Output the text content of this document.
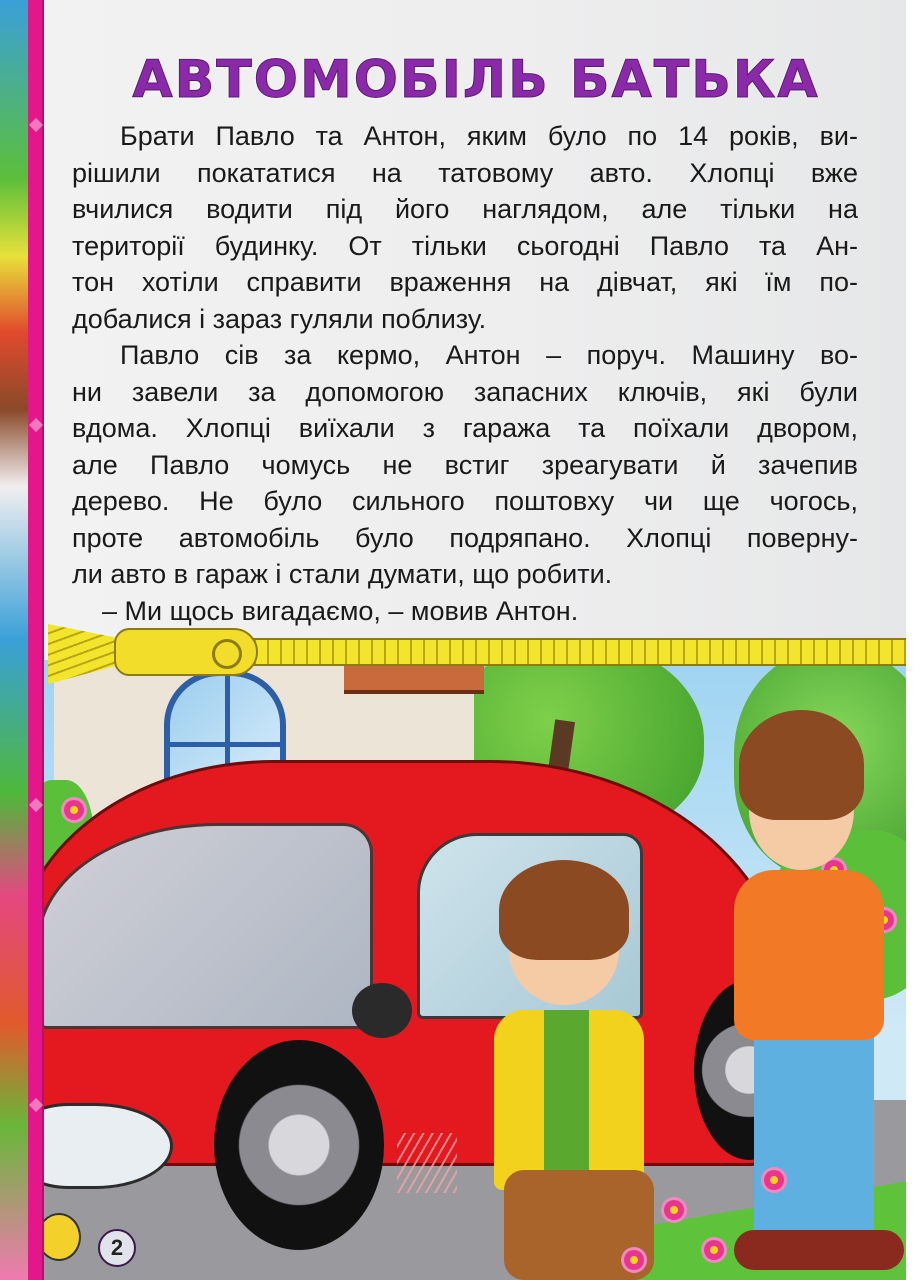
АВТОМОБІЛЬ БАТЬКА
Брати Павло та Антон, яким було по 14 років, ви-
рішили покататися на татовому авто. Хлопці вже
вчилися водити під його наглядом, але тільки на
території будинку. От тільки сьогодні Павло та Ан-
тон хотіли справити враження на дівчат, які їм по-
добалися і зараз гуляли поблизу.
Павло сів за кермо, Антон – поруч. Машину во-
ни завели за допомогою запасних ключів, які були
вдома. Хлопці виїхали з гаража та поїхали двором,
але Павло чомусь не встиг зреагувати й зачепив
дерево. Не було сильного поштовху чи ще чогось,
проте автомобіль було подряпано. Хлопці поверну-
ли авто в гараж і стали думати, що робити.
– Ми щось вигадаємо, – мовив Антон.
2
